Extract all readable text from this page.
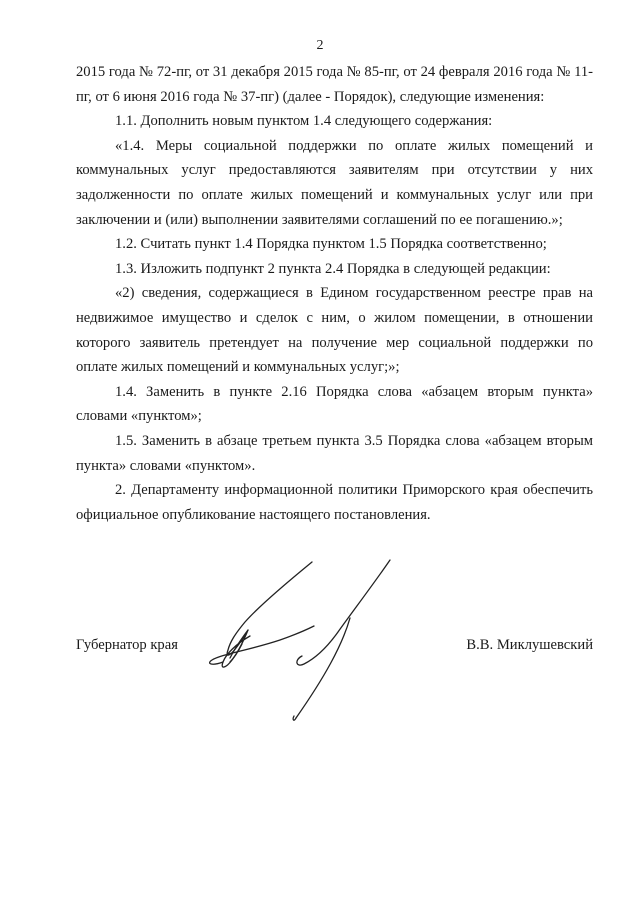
2

2015 года № 72-пг, от 31 декабря 2015 года № 85-пг, от 24 февраля 2016 года № 11-пг, от 6 июня 2016 года № 37-пг) (далее - Порядок), следующие изменения:

1.1. Дополнить новым пунктом 1.4 следующего содержания:

«1.4. Меры социальной поддержки по оплате жилых помещений и коммунальных услуг предоставляются заявителям при отсутствии у них задолженности по оплате жилых помещений и коммунальных услуг или при заключении и (или) выполнении заявителями соглашений по ее погашению.»;

1.2. Считать пункт 1.4 Порядка пунктом 1.5 Порядка соответственно;

1.3. Изложить подпункт 2 пункта 2.4 Порядка в следующей редакции:

«2) сведения, содержащиеся в Едином государственном реестре прав на недвижимое имущество и сделок с ним, о жилом помещении, в отношении которого заявитель претендует на получение мер социальной поддержки по оплате жилых помещений и коммунальных услуг;»;

1.4. Заменить в пункте 2.16 Порядка слова «абзацем вторым пункта» словами «пунктом»;

1.5. Заменить в абзаце третьем пункта 3.5 Порядка слова «абзацем вторым пункта» словами «пунктом».

2. Департаменту информационной политики Приморского края обеспечить официальное опубликование настоящего постановления.

Губернатор края	В.В. Миклушевский
